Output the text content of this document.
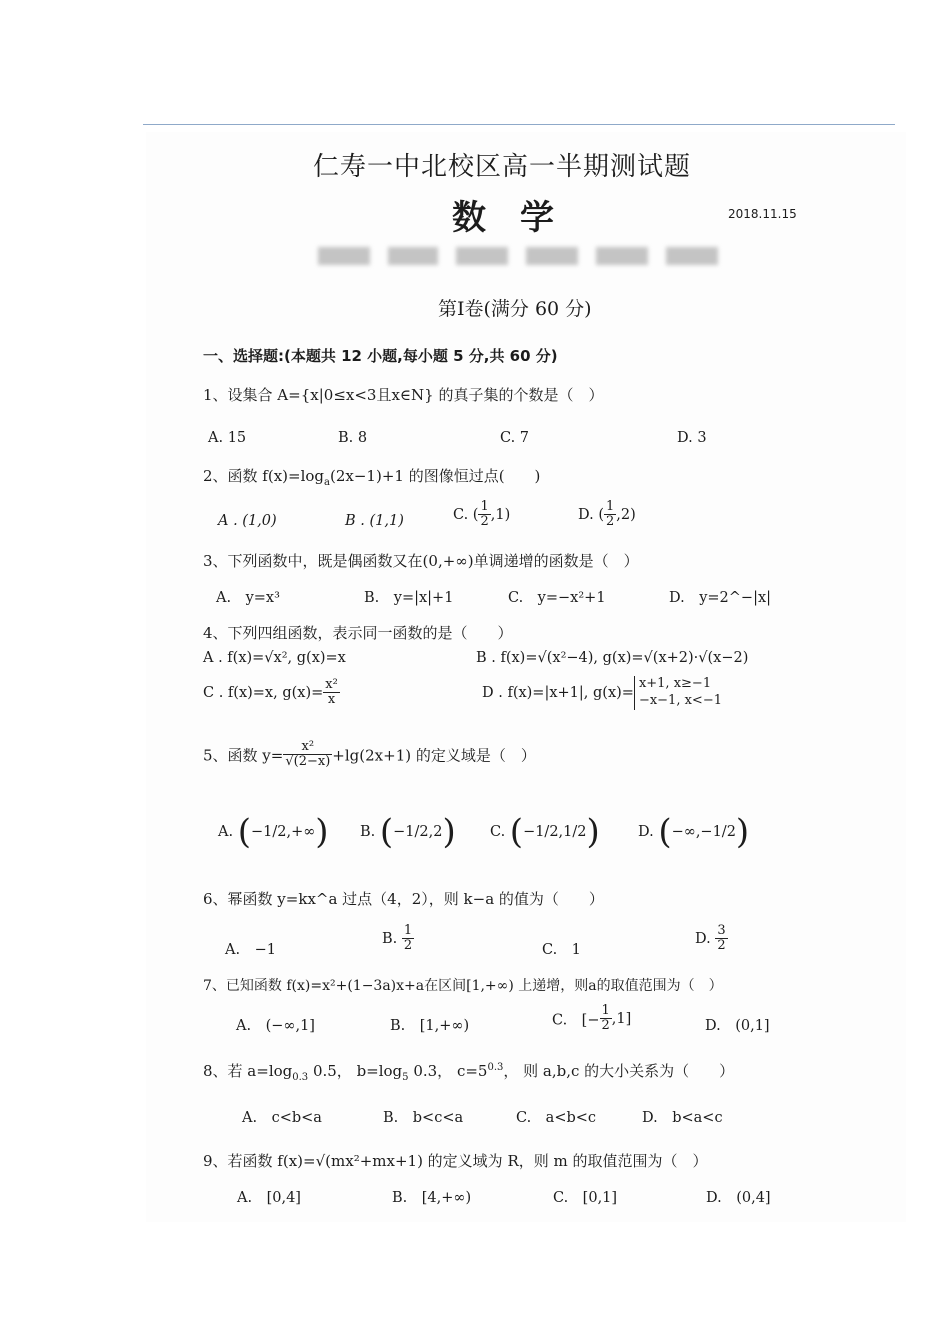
仁寿一中北校区高一半期测试题
数学	2018.11.15
第Ⅰ卷(满分 60 分)
一、选择题:(本题共 12 小题,每小题 5 分,共 60 分)
1、设集合 A={x|0≤x<3且x∈N} 的真子集的个数是（　）
A. 15	B. 8	C. 7	D. 3
2、函数 $f(x)=\log_a(2x-1)+1$ 的图像恒过点(　　)
A . (1,0)	B . (1,1)	C. ( $\frac{1}{2} ,1$)	D. ( $\frac{1}{2} ,2$)
3、下列函数中，既是偶函数又在(0,+∞)单调递增的函数是（　）
A.　y=x³	B.　y=|x|+1	C.　y=−x²+1	D.　y=2^−|x|
4、下列四组函数，表示同一函数的是（　　）
A . f(x)=√x², g(x)=x	B . f(x)=√(x²−4), g(x)=√(x+2)·√(x−2)
C . f(x)=x, $g(x)= \frac{\text{x²}}{x}$	D . f(x)=|x+1|, g(x)=
x+1, x≥−1
−x−1, x<−1
5、函数 $y= \frac{\text{x²}}{√(2-x)} +\lg(2x+1)$ 的定义域是（　）
A. (−1/2,+∞) B. (−1/2,2) C. (−1/2,1/2)	D. (−∞,−1/2)
6、幂函数 y=kx^a 过点（4，2），则 k−a 的值为（　　）
A.　−1
B. $\frac{1}{2}$	C.　1
D. $\frac{3}{2}$
7、已知函数 f(x)=x²+(1−3a)x+a在区间[1,+∞) 上递增，则a的取值范围为（　）
A.　(−∞,1]	B.　[1,+∞)	C.　[− $\frac{1}{2} ,1$]	D.　(0,1]
8、若 $a=\log_{0.3}$ 0.5， $b=\log_5$ 0.3， $c=5^{0.3}$， 则 a,b,c 的大小关系为（　　）
A.　c<b<a	B.　b<c<a	C.　a<b<c	D.　b<a<c
9、若函数 f(x)=√(mx²+mx+1) 的定义域为 R，则 m 的取值范围为（　）
A.　[0,4]	B.　[4,+∞)	C.　[0,1]	D.　(0,4]
